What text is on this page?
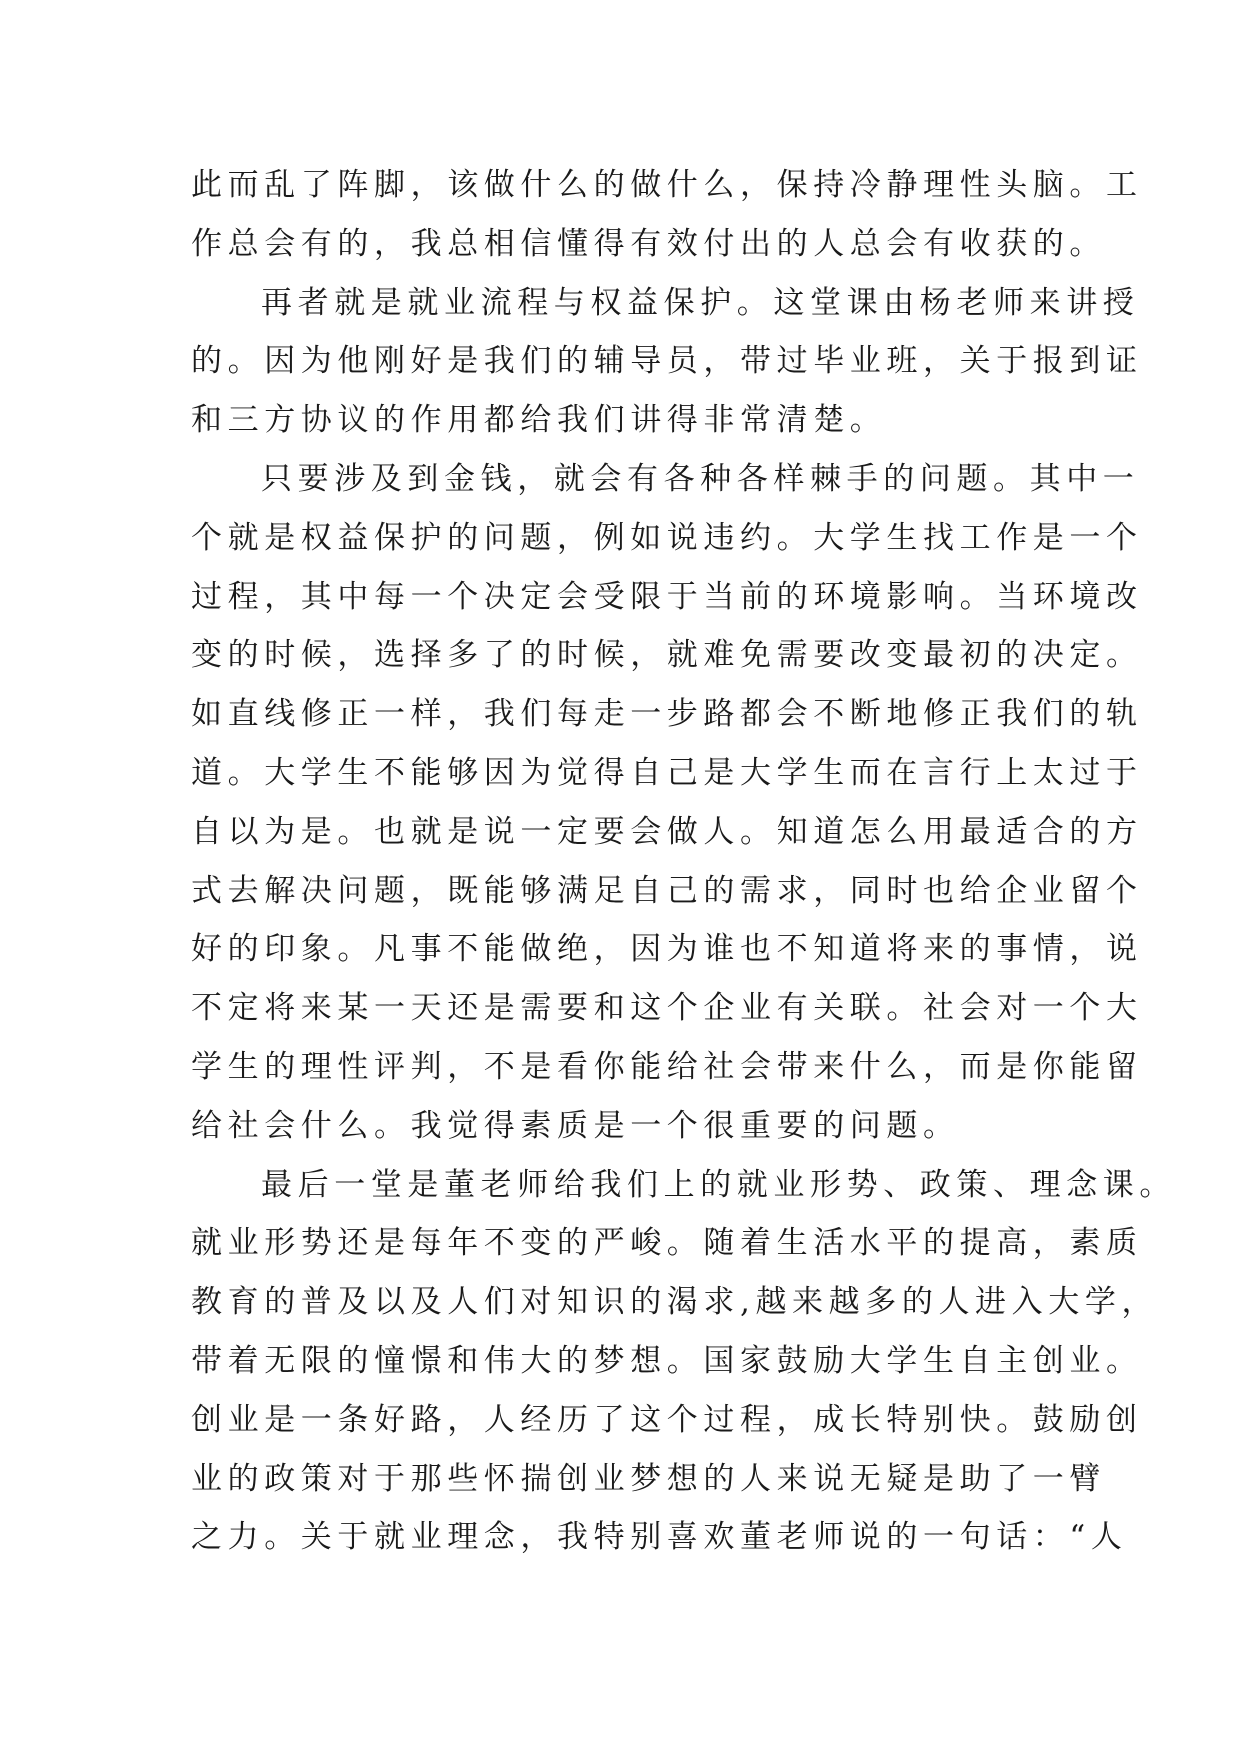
此而乱了阵脚，该做什么的做什么，保持冷静理性头脑。工
作总会有的，我总相信懂得有效付出的人总会有收获的。
再者就是就业流程与权益保护。这堂课由杨老师来讲授
的。因为他刚好是我们的辅导员，带过毕业班，关于报到证
和三方协议的作用都给我们讲得非常清楚。
只要涉及到金钱，就会有各种各样棘手的问题。其中一
个就是权益保护的问题，例如说违约。大学生找工作是一个
过程，其中每一个决定会受限于当前的环境影响。当环境改
变的时候，选择多了的时候，就难免需要改变最初的决定。
如直线修正一样，我们每走一步路都会不断地修正我们的轨
道。大学生不能够因为觉得自己是大学生而在言行上太过于
自以为是。也就是说一定要会做人。知道怎么用最适合的方
式去解决问题，既能够满足自己的需求，同时也给企业留个
好的印象。凡事不能做绝，因为谁也不知道将来的事情，说
不定将来某一天还是需要和这个企业有关联。社会对一个大
学生的理性评判，不是看你能给社会带来什么，而是你能留
给社会什么。我觉得素质是一个很重要的问题。
最后一堂是董老师给我们上的就业形势、政策、理念课。
就业形势还是每年不变的严峻。随着生活水平的提高，素质
教育的普及以及人们对知识的渴求,越来越多的人进入大学，
带着无限的憧憬和伟大的梦想。国家鼓励大学生自主创业。
创业是一条好路，人经历了这个过程，成长特别快。鼓励创
业的政策对于那些怀揣创业梦想的人来说无疑是助了一臂
之力。关于就业理念，我特别喜欢董老师说的一句话：“人
